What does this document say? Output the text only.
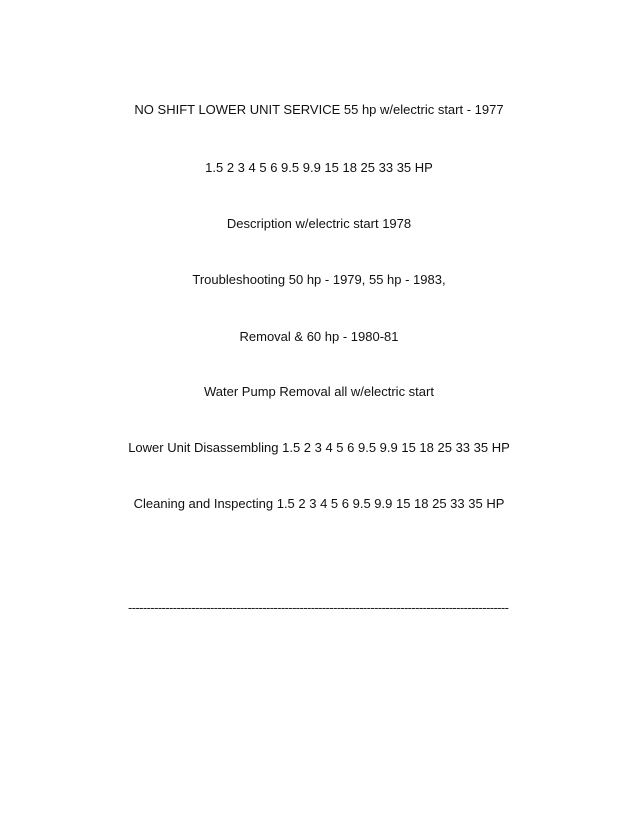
NO SHIFT LOWER UNIT SERVICE 55 hp w/electric start - 1977
1.5 2 3 4 5 6 9.5 9.9 15 18 25 33 35 HP
Description w/electric start 1978
Troubleshooting 50 hp - 1979, 55 hp - 1983,
Removal & 60 hp - 1980-81
Water Pump Removal all w/electric start
Lower Unit Disassembling 1.5 2 3 4 5 6 9.5 9.9 15 18 25 33 35 HP
Cleaning and Inspecting 1.5 2 3 4 5 6 9.5 9.9 15 18 25 33 35 HP
------------------------------------------------------------------------------------------------------
